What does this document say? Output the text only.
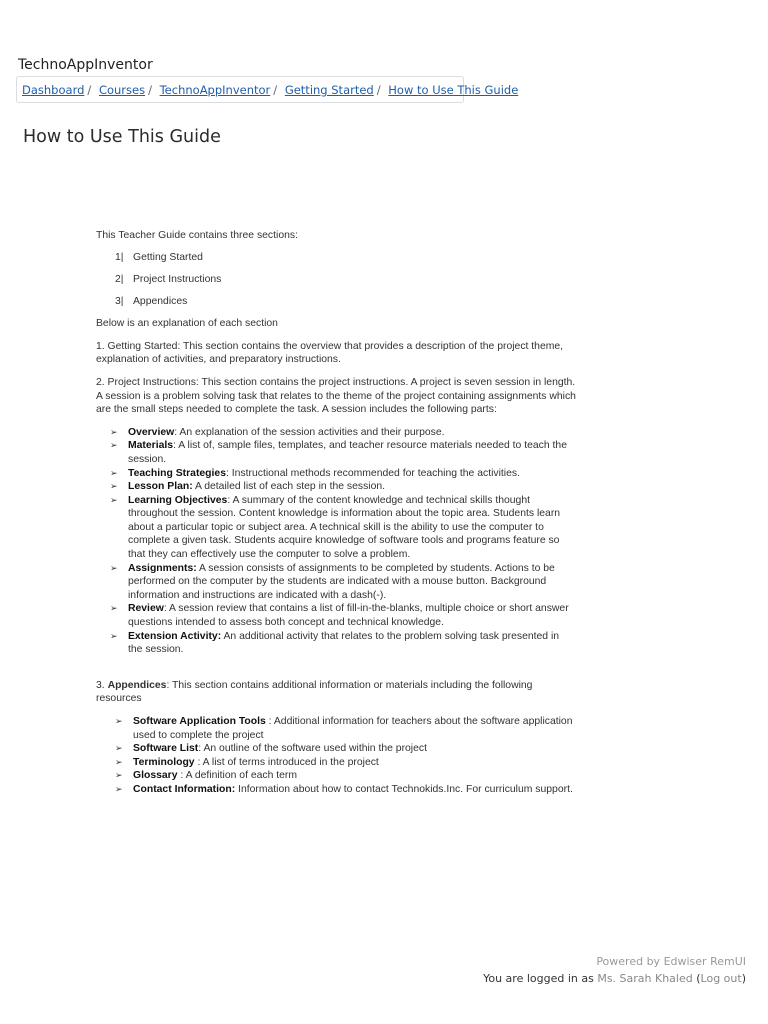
TechnoAppInventor
Dashboard / Courses / TechnoAppInventor / Getting Started / How to Use This Guide
How to Use This Guide

This Teacher Guide contains three sections:

1| Getting Started
2| Project Instructions
3| Appendices

Below is an explanation of each section

1. Getting Started: This section contains the overview that provides a description of the project theme, explanation of activities, and preparatory instructions.

2. Project Instructions: This section contains the project instructions. A project is seven session in length. A session is a problem solving task that relates to the theme of the project containing assignments which are the small steps needed to complete the task. A session includes the following parts:

➢ Overview: An explanation of the session activities and their purpose.
➢ Materials: A list of, sample files, templates, and teacher resource materials needed to teach the session.
➢ Teaching Strategies: Instructional methods recommended for teaching the activities.
➢ Lesson Plan: A detailed list of each step in the session.
➢ Learning Objectives: A summary of the content knowledge and technical skills thought throughout the session. Content knowledge is information about the topic area. Students learn about a particular topic or subject area. A technical skill is the ability to use the computer to complete a given task. Students acquire knowledge of software tools and programs feature so that they can effectively use the computer to solve a problem.
➢ Assignments: A session consists of assignments to be completed by students. Actions to be performed on the computer by the students are indicated with a mouse button. Background information and instructions are indicated with a dash(-).
➢ Review: A session review that contains a list of fill-in-the-blanks, multiple choice or short answer questions intended to assess both concept and technical knowledge.
➢ Extension Activity: An additional activity that relates to the problem solving task presented in the session.

3. Appendices: This section contains additional information or materials including the following resources

➢ Software Application Tools : Additional information for teachers about the software application used to complete the project
➢ Software List: An outline of the software used within the project
➢ Terminology : A list of terms introduced in the project
➢ Glossary : A definition of each term
➢ Contact Information: Information about how to contact Technokids.Inc. For curriculum support.
Powered by Edwiser RemUI
You are logged in as Ms. Sarah Khaled (Log out)
